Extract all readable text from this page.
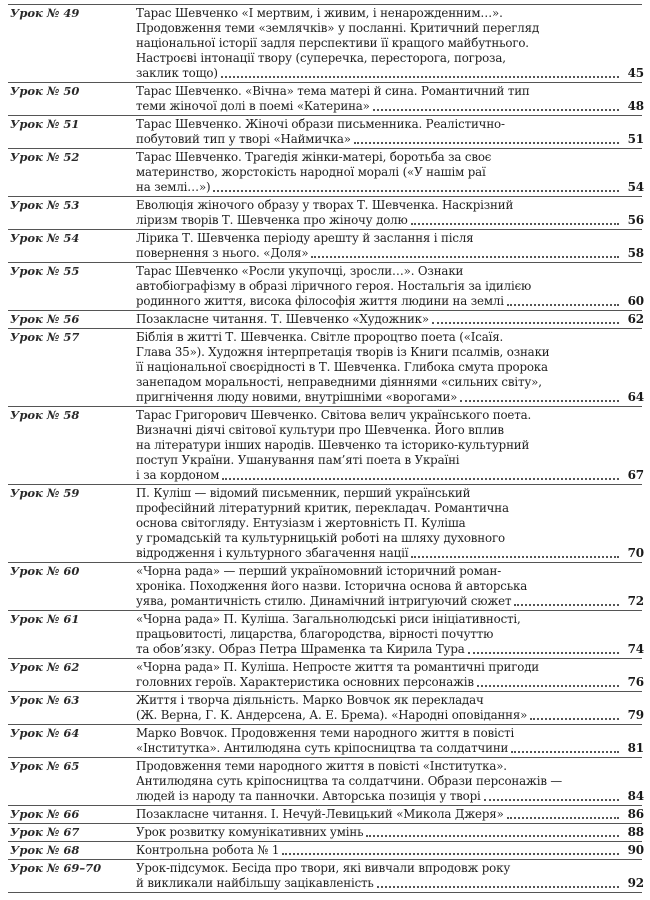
Урок № 49	Тарас Шевченко «І мертвим, і живим, і ненарожденним…».
Продовження теми «землячків» у посланні. Критичний перегляд
національної історії задля перспективи її кращого майбутнього.
Настроєві інтонації твору (суперечка, пересторога, погроза,
заклик тощо)	45
Урок № 50	Тарас Шевченко. «Вічна» тема матері й сина. Романтичний тип
теми жіночої долі в поемі «Катерина»	48
Урок № 51	Тарас Шевченко. Жіночі образи письменника. Реалістично-
побутовий тип у творі «Наймичка»	51
Урок № 52	Тарас Шевченко. Трагедія жінки-матері, боротьба за своє
материнство, жорстокість народної моралі («У нашім раї
на землі…»)	54
Урок № 53	Еволюція жіночого образу у творах Т. Шевченка. Наскрізний
ліризм творів Т. Шевченка про жіночу долю	56
Урок № 54	Лірика Т. Шевченка періоду арешту й заслання і після
повернення з нього. «Доля»	58
Урок № 55	Тарас Шевченко «Росли укупочці, зросли…». Ознаки
автобіографізму в образі ліричного героя. Ностальгія за ідилією
родинного життя, висока філософія життя людини на землі	60
Урок № 56	Позакласне читання. Т. Шевченко «Художник»	62
Урок № 57	Біблія в житті Т. Шевченка. Світле пророцтво поета («Ісаїя.
Глава 35»). Художня інтерпретація творів із Книги псалмів, ознаки
її національної своєрідності в Т. Шевченка. Глибока смута пророка
занепадом моральності, неправедними діяннями «сильних світу»,
пригнічення люду новими, внутрішніми «ворогами»	64
Урок № 58	Тарас Григорович Шевченко. Світова велич українського поета.
Визначні діячі світової культури про Шевченка. Його вплив
на літератури інших народів. Шевченко та історико-культурний
поступ України. Ушанування пам’яті поета в Україні
і за кордоном	67
Урок № 59	П. Куліш — відомий письменник, перший український
професійний літературний критик, перекладач. Романтична
основа світогляду. Ентузіазм і жертовність П. Куліша
у громадській та культурницькій роботі на шляху духовного
відродження і культурного збагачення нації	70
Урок № 60	«Чорна рада» — перший україномовний історичний роман-
хроніка. Походження його назви. Історична основа й авторська
уява, романтичність стилю. Динамічний інтригуючий сюжет	72
Урок № 61	«Чорна рада» П. Куліша. Загальнолюдські риси ініціативності,
працьовитості, лицарства, благородства, вірності почуттю
та обов’язку. Образ Петра Шраменка та Кирила Тура	74
Урок № 62	«Чорна рада» П. Куліша. Непросте життя та романтичні пригоди
головних героїв. Характеристика основних персонажів	76
Урок № 63	Життя і творча діяльність. Марко Вовчок як перекладач
(Ж. Верна, Г. К. Андерсена, А. Е. Брема). «Народні оповідання»	79
Урок № 64	Марко Вовчок. Продовження теми народного життя в повісті
«Інститутка». Антилюдяна суть кріпосництва та солдатчини	81
Урок № 65	Продовження теми народного життя в повісті «Інститутка».
Антилюдяна суть кріпосництва та солдатчини. Образи персонажів —
людей із народу та панночки. Авторська позиція у творі	84
Урок № 66	Позакласне читання. І. Нечуй-Левицький «Микола Джеря»	86
Урок № 67	Урок розвитку комунікативних умінь	88
Урок № 68	Контрольна робота № 1	90
Урок № 69–70	Урок-підсумок. Бесіда про твори, які вивчали впродовж року
й викликали найбільшу зацікавленість	92
